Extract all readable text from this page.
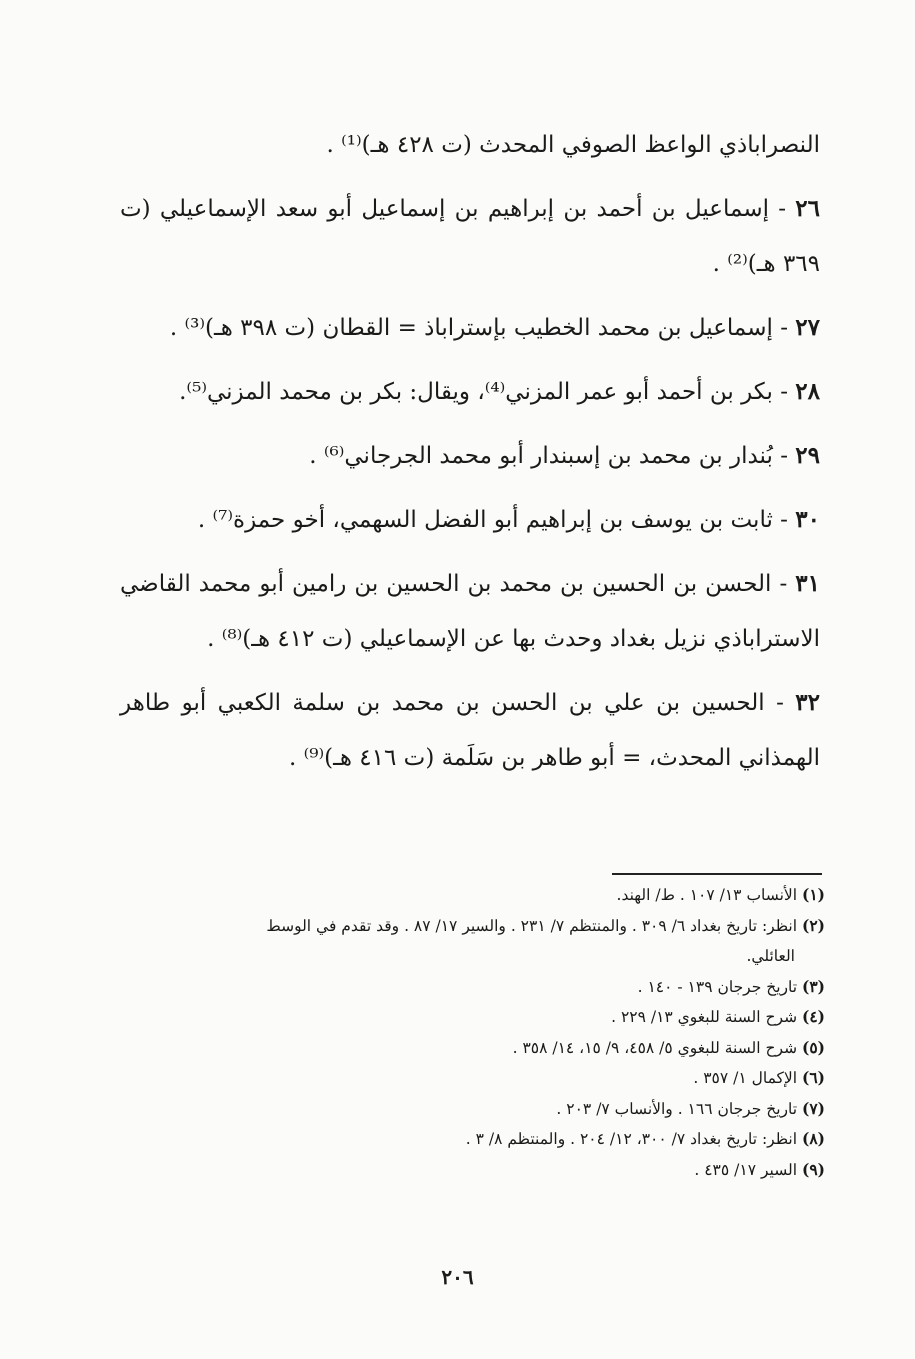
النصراباذي الواعظ الصوفي المحدث (ت ٤٢٨ هـ)⁽¹⁾ .

٢٦ - إسماعيل بن أحمد بن إبراهيم بن إسماعيل أبو سعد الإسماعيلي (ت ٣٦٩ هـ)⁽²⁾ .

٢٧ - إسماعيل بن محمد الخطيب بإستراباذ = القطان (ت ٣٩٨ هـ)⁽³⁾ .

٢٨ - بكر بن أحمد أبو عمر المزني⁽⁴⁾، ويقال: بكر بن محمد المزني⁽⁵⁾.

٢٩ - بُندار بن محمد بن إسبندار أبو محمد الجرجاني⁽⁶⁾ .

٣٠ - ثابت بن يوسف بن إبراهيم أبو الفضل السهمي، أخو حمزة⁽⁷⁾ .

٣١ - الحسن بن الحسين بن محمد بن الحسين بن رامين أبو محمد القاضي الاستراباذي نزيل بغداد وحدث بها عن الإسماعيلي (ت ٤١٢ هـ)⁽⁸⁾ .

٣٢ - الحسين بن علي بن الحسن بن محمد بن سلمة الكعبي أبو طاهر الهمذاني المحدث، = أبو طاهر بن سَلَمة (ت ٤١٦ هـ)⁽⁹⁾ .

(١) الأنساب ١٣/ ١٠٧ . ط/ الهند.

(٢) انظر: تاريخ بغداد ٦/ ٣٠٩ . والمنتظم ٧/ ٢٣١ . والسير ١٧/ ٨٧ . وقد تقدم في الوسط
العائلي.

(٣) تاريخ جرجان ١٣٩ - ١٤٠ .

(٤) شرح السنة للبغوي ١٣/ ٢٢٩ .

(٥) شرح السنة للبغوي ٥/ ٤٥٨، ٩/ ١٥، ١٤/ ٣٥٨ .

(٦) الإكمال ١/ ٣٥٧ .

(٧) تاريخ جرجان ١٦٦ . والأنساب ٧/ ٢٠٣ .

(٨) انظر: تاريخ بغداد ٧/ ٣٠٠، ١٢/ ٢٠٤ . والمنتظم ٨/ ٣ .

(٩) السير ١٧/ ٤٣٥ .

٢٠٦
